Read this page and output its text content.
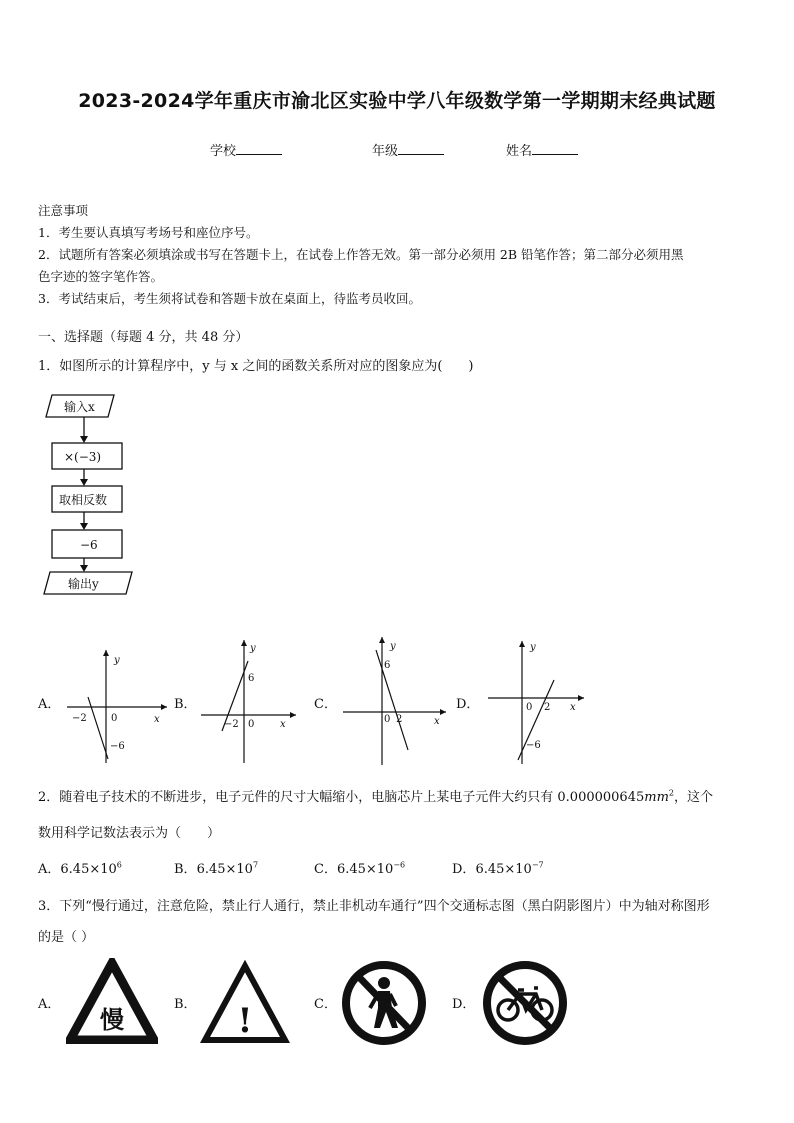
2023-2024学年重庆市渝北区实验中学八年级数学第一学期期末经典试题
学校	年级	姓名

注意事项

1．考生要认真填写考场号和座位序号。

2．试题所有答案必须填涂或书写在答题卡上，在试卷上作答无效。第一部分必须用 2B 铅笔作答；第二部分必须用黑

色字迹的签字笔作答。

3．考试结束后，考生须将试卷和答题卡放在桌面上，待监考员收回。

一、选择题（每题 4 分，共 48 分）
1．如图所示的计算程序中，y 与 x 之间的函数关系所对应的图象应为(　　)
输入x
×(−3)
取相反数
−6
输出y
A．
y
x
0
−2
−6
B．
y
x
0
−2
6
C．
y
x
0 2
6
D．
y
x
0 2
−6
2．随着电子技术的不断进步，电子元件的尺寸大幅缩小，电脑芯片上某电子元件大约只有 $0.000000645mm^2$，这个
数用科学记数法表示为（　　）
A．$6.45\times 10^6$	B．$6.45\times 10^7$	C．$6.45\times 10^{-6}$	D．$6.45\times 10^{-7}$
3．下列“慢行通过，注意危险，禁止行人通行，禁止非机动车通行”四个交通标志图（黑白阴影图片）中为轴对称图形
的是（ ）
A．
慢
B． !	C．	D．
